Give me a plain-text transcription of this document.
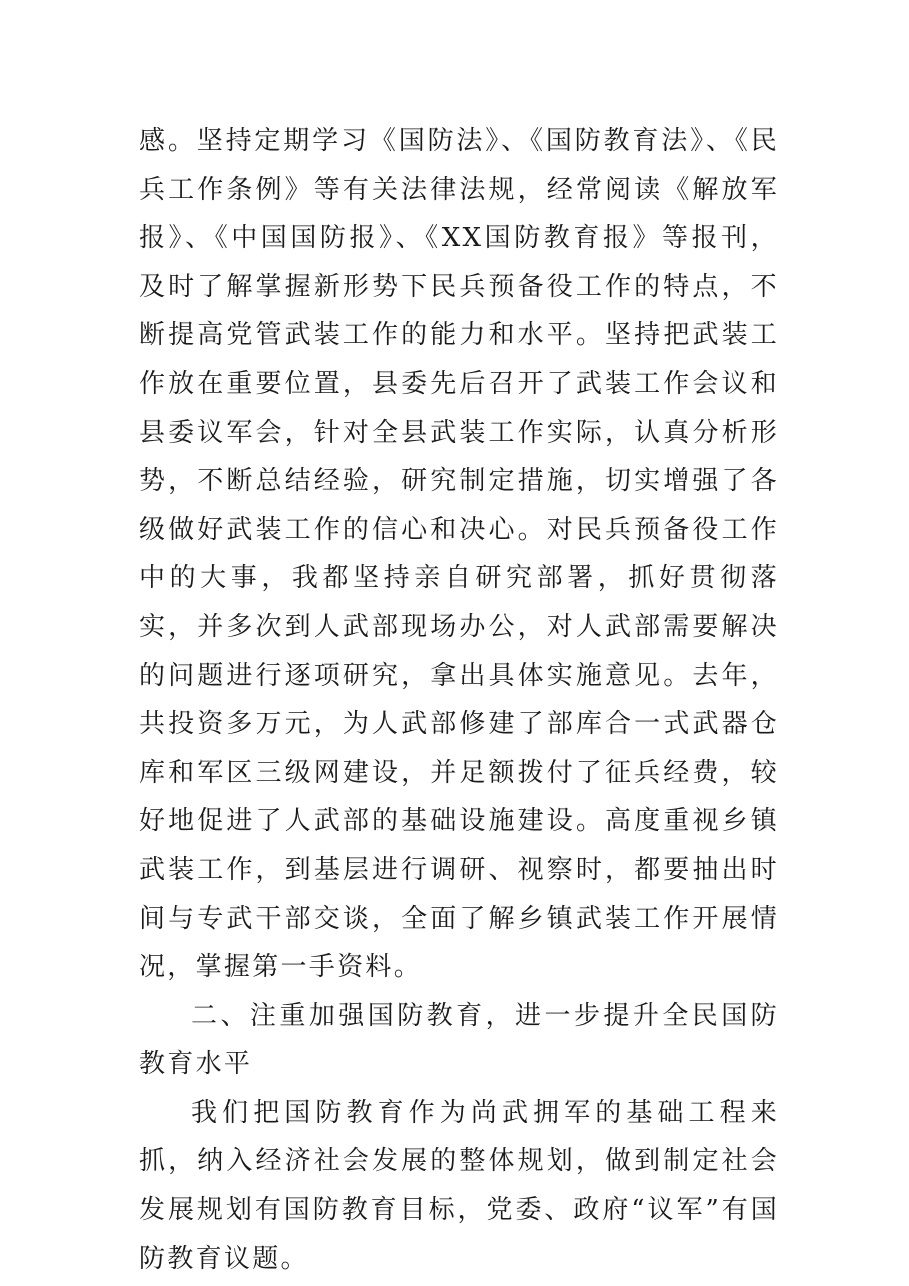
感。坚持定期学习《国防法》、《国防教育法》、《民兵工作条例》等有关法律法规，经常阅读《解放军报》、《中国国防报》、《XX国防教育报》等报刊，及时了解掌握新形势下民兵预备役工作的特点，不断提高党管武装工作的能力和水平。坚持把武装工作放在重要位置，县委先后召开了武装工作会议和县委议军会，针对全县武装工作实际，认真分析形势，不断总结经验，研究制定措施，切实增强了各级做好武装工作的信心和决心。对民兵预备役工作中的大事，我都坚持亲自研究部署，抓好贯彻落实，并多次到人武部现场办公，对人武部需要解决的问题进行逐项研究，拿出具体实施意见。去年，共投资多万元，为人武部修建了部库合一式武器仓库和军区三级网建设，并足额拨付了征兵经费，较好地促进了人武部的基础设施建设。高度重视乡镇武装工作，到基层进行调研、视察时，都要抽出时间与专武干部交谈，全面了解乡镇武装工作开展情况，掌握第一手资料。

二、注重加强国防教育，进一步提升全民国防教育水平

我们把国防教育作为尚武拥军的基础工程来抓，纳入经济社会发展的整体规划，做到制定社会发展规划有国防教育目标，党委、政府“议军”有国防教育议题。
